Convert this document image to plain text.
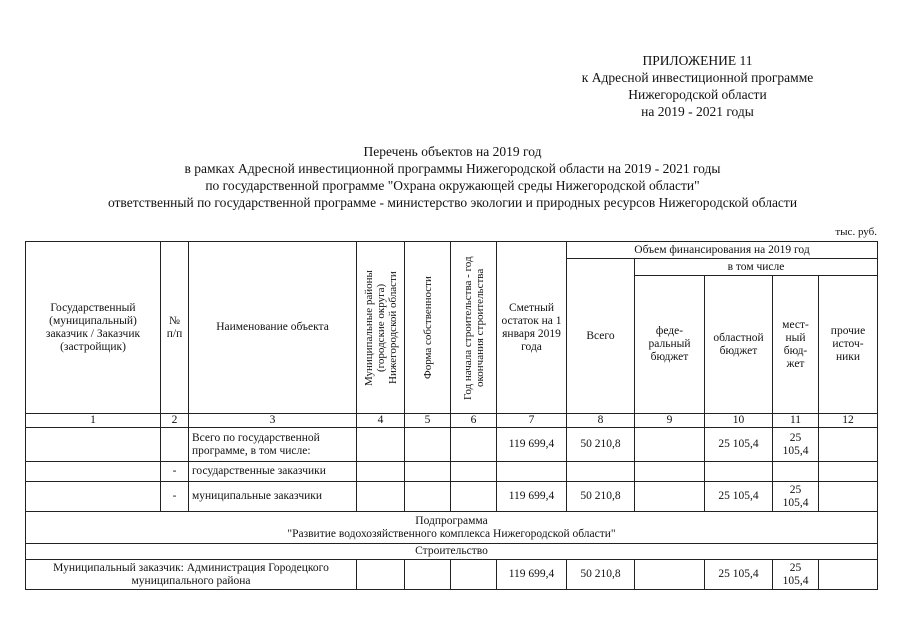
ПРИЛОЖЕНИЕ 11
к Адресной инвестиционной программе
Нижегородской области
на 2019 - 2021 годы
Перечень объектов на 2019 год
в рамках Адресной инвестиционной программы Нижегородской области на 2019 - 2021 годы
по государственной программе "Охрана окружающей среды Нижегородской области"
ответственный по государственной программе - министерство экологии и природных ресурсов Нижегородской области
тыс. руб.
Государственный (муниципальный) заказчик / Заказчик (застройщик)	№ п/п	Наименование объекта	Муниципальные районы (городские округа) Нижегородской области	Форма собственности	Год начала строительства - год окончания строительства	Сметный остаток на 1 января 2019 года	Объем финансирования на 2019 год				
							Всего	в том числе			
								феде-ральный бюджет	областной бюджет	мест-ный бюд-жет	прочие источ-ники
1	2	3	4	5	6	7	8	9	10	11	12
		Всего по государственной программе, в том числе:				119 699,4	50 210,8		25 105,4	25 105,4	
	-	государственные заказчики									
	-	муниципальные заказчики				119 699,4	50 210,8		25 105,4	25 105,4	

Подпрограмма
"Развитие водохозяйственного комплекса Нижегородской области"											

Строительство											
Муниципальный заказчик: Администрация Городецкого муниципального района						119 699,4	50 210,8		25 105,4	25 105,4	
